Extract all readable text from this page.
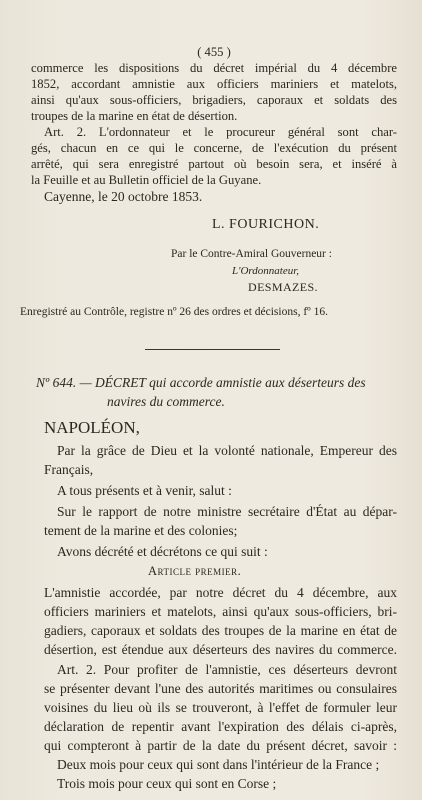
( 455 )
commerce les dispositions du décret impérial du 4 décembre
1852, accordant amnistie aux officiers mariniers et matelots,
ainsi qu'aux sous-officiers, brigadiers, caporaux et soldats des
troupes de la marine en état de désertion.
Art. 2. L'ordonnateur et le procureur général sont char-
gés, chacun en ce qui le concerne, de l'exécution du présent
arrêté, qui sera enregistré partout où besoin sera, et inséré à
la Feuille et au Bulletin officiel de la Guyane.
Cayenne, le 20 octobre 1853.
L. FOURICHON.
Par le Contre-Amiral Gouverneur :
L'Ordonnateur,
DESMAZES.
Enregistré au Contrôle, registre nº 26 des ordres et décisions, fº 16.
Nº 644. — DÉCRET qui accorde amnistie aux déserteurs des
navires du commerce.
NAPOLÉON,
Par la grâce de Dieu et la volonté nationale, Empereur des
Français,
A tous présents et à venir, salut :
Sur le rapport de notre ministre secrétaire d'État au dépar-
tement de la marine et des colonies;
Avons décrété et décrétons ce qui suit :
Article premier.
L'amnistie accordée, par notre décret du 4 décembre, aux
officiers mariniers et matelots, ainsi qu'aux sous-officiers, bri-
gadiers, caporaux et soldats des troupes de la marine en état de
désertion, est étendue aux déserteurs des navires du commerce.
Art. 2. Pour profiter de l'amnistie, ces déserteurs devront
se présenter devant l'une des autorités maritimes ou consulaires
voisines du lieu où ils se trouveront, à l'effet de formuler leur
déclaration de repentir avant l'expiration des délais ci-après,
qui compteront à partir de la date du présent décret, savoir :
Deux mois pour ceux qui sont dans l'intérieur de la France ;
Trois mois pour ceux qui sont en Corse ;
